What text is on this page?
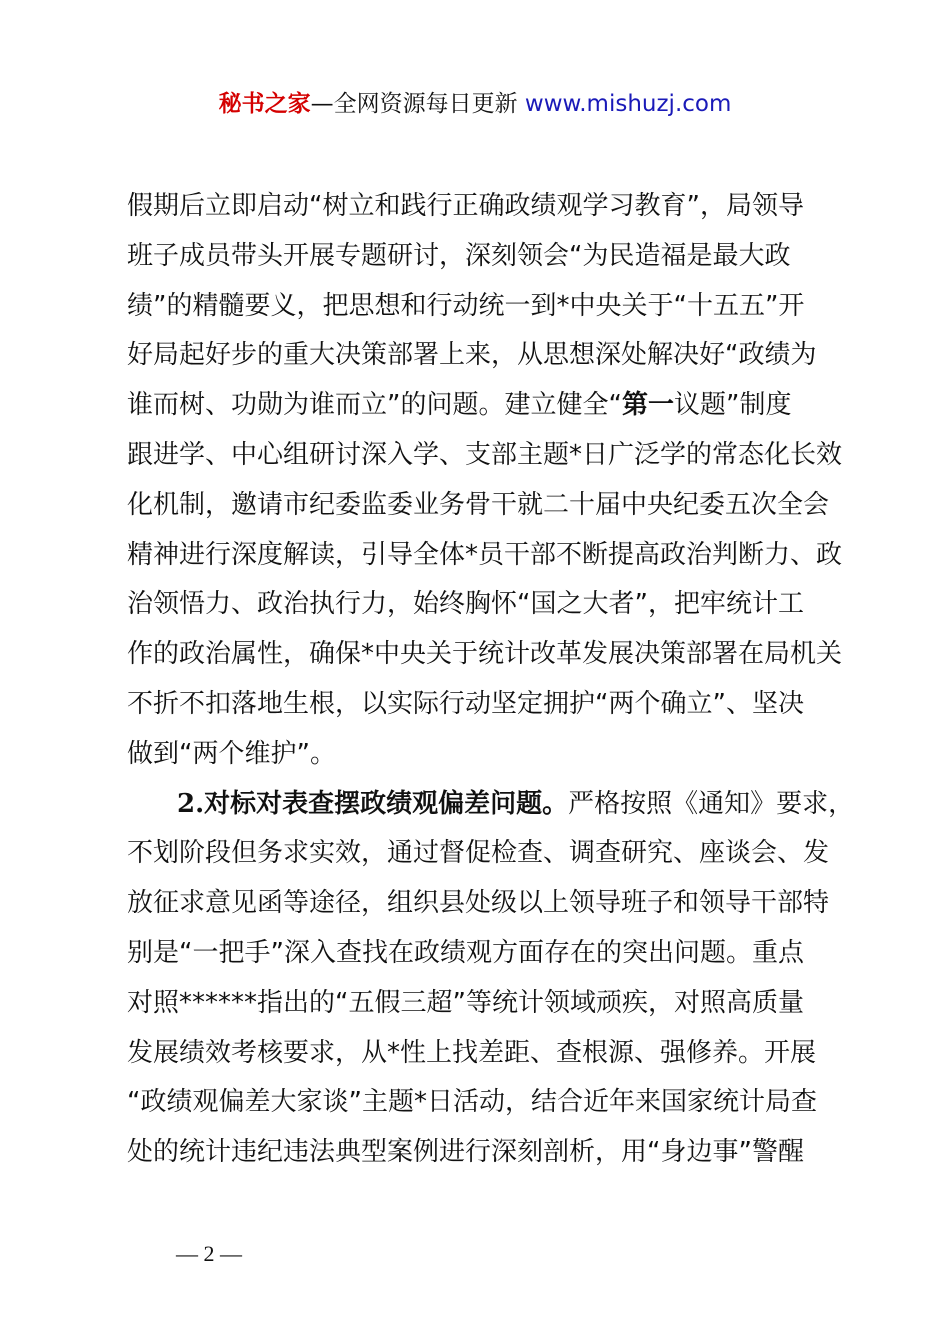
秘书之家—全网资源每日更新 www.mishuzj.com
假期后立即启动“树立和践行正确政绩观学习教育”，局领导
班子成员带头开展专题研讨，深刻领会“为民造福是最大政
绩”的精髓要义，把思想和行动统一到*中央关于“十五五”开
好局起好步的重大决策部署上来，从思想深处解决好“政绩为
谁而树、功勋为谁而立”的问题。建立健全“第一议题”制度
跟进学、中心组研讨深入学、支部主题*日广泛学的常态化长效
化机制，邀请市纪委监委业务骨干就二十届中央纪委五次全会
精神进行深度解读，引导全体*员干部不断提高政治判断力、政
治领悟力、政治执行力，始终胸怀“国之大者”，把牢统计工
作的政治属性，确保*中央关于统计改革发展决策部署在局机关
不折不扣落地生根，以实际行动坚定拥护“两个确立”、坚决
做到“两个维护”。
2.对标对表查摆政绩观偏差问题。严格按照《通知》要求，
不划阶段但务求实效，通过督促检查、调查研究、座谈会、发
放征求意见函等途径，组织县处级以上领导班子和领导干部特
别是“一把手”深入查找在政绩观方面存在的突出问题。重点
对照******指出的“五假三超”等统计领域顽疾，对照高质量
发展绩效考核要求，从*性上找差距、查根源、强修养。开展
“政绩观偏差大家谈”主题*日活动，结合近年来国家统计局查
处的统计违纪违法典型案例进行深刻剖析，用“身边事”警醒
— 2 —
